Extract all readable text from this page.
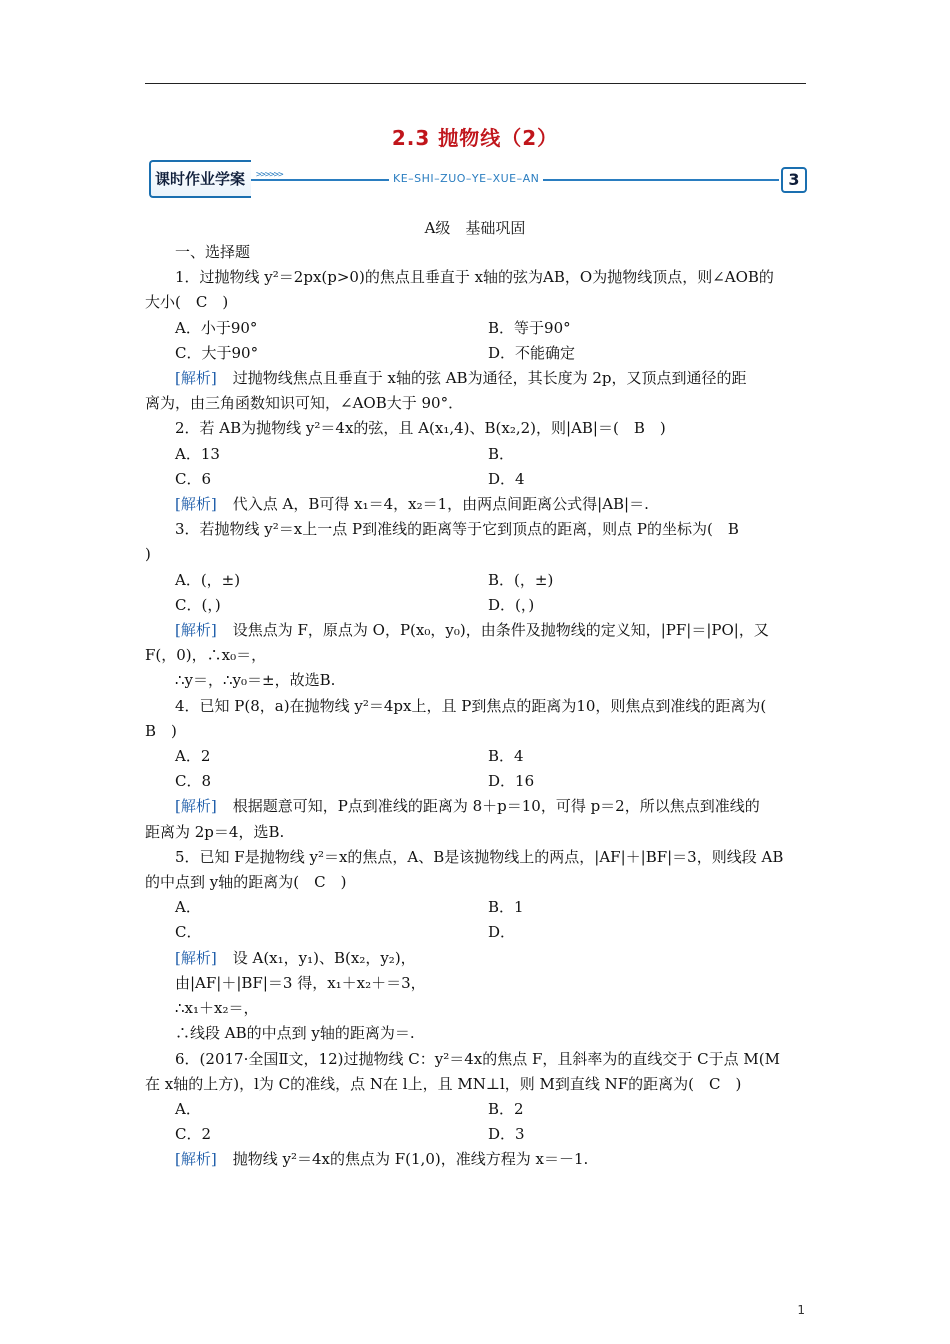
2.3 抛物线（2）
课时作业学案 >>>>>>	KE–SHI–ZUO–YE–XUE–AN	3
A级　基础巩固

一、选择题

1．过抛物线 y²＝2px(p>0)的焦点且垂直于 x轴的弦为AB，O为抛物线顶点，则∠AOB的

大小(　C　)

A．小于90°	B．等于90°
C．大于90°	D．不能确定

[解析] 过抛物线焦点且垂直于 x轴的弦 AB为通径，其长度为 2p，又顶点到通径的距

离为，由三角函数知识可知，∠AOB大于 90°．

2．若 AB为抛物线 y²＝4x的弦，且 A(x₁,4)、B(x₂,2)，则|AB|＝(　B　)

A．13	B．
C．6	D．4

[解析] 代入点 A，B可得 x₁＝4，x₂＝1，由两点间距离公式得|AB|＝.

3．若抛物线 y²＝x上一点 P到准线的距离等于它到顶点的距离，则点 P的坐标为(　B

)

A．(，±)	B．(，±)
C．(，)	D．(，)

[解析] 设焦点为 F，原点为 O，P(x₀，y₀)，由条件及抛物线的定义知，|PF|＝|PO|，又

F(，0)，∴x₀＝，

∴y＝，∴y₀＝±，故选B.

4．已知 P(8，a)在抛物线 y²＝4px上，且 P到焦点的距离为10，则焦点到准线的距离为(

B　)

A．2	B．4
C．8	D．16

[解析] 根据题意可知，P点到准线的距离为 8＋p＝10，可得 p＝2，所以焦点到准线的

距离为 2p＝4，选B.

5．已知 F是抛物线 y²＝x的焦点，A、B是该抛物线上的两点，|AF|＋|BF|＝3，则线段 AB

的中点到 y轴的距离为(　C　)

A．	B．1
C．	D．

[解析] 设 A(x₁，y₁)、B(x₂，y₂)，

由|AF|＋|BF|＝3 得，x₁＋x₂＋＝3，

∴x₁＋x₂＝，

∴线段 AB的中点到 y轴的距离为＝.

6．(2017·全国Ⅱ文，12)过抛物线 C：y²＝4x的焦点 F，且斜率为的直线交于 C于点 M(M

在 x轴的上方)，l为 C的准线，点 N在 l上，且 MN⊥l，则 M到直线 NF的距离为(　C　)

A．	B．2
C．2	D．3

[解析] 抛物线 y²＝4x的焦点为 F(1,0)，准线方程为 x＝－1.

1
